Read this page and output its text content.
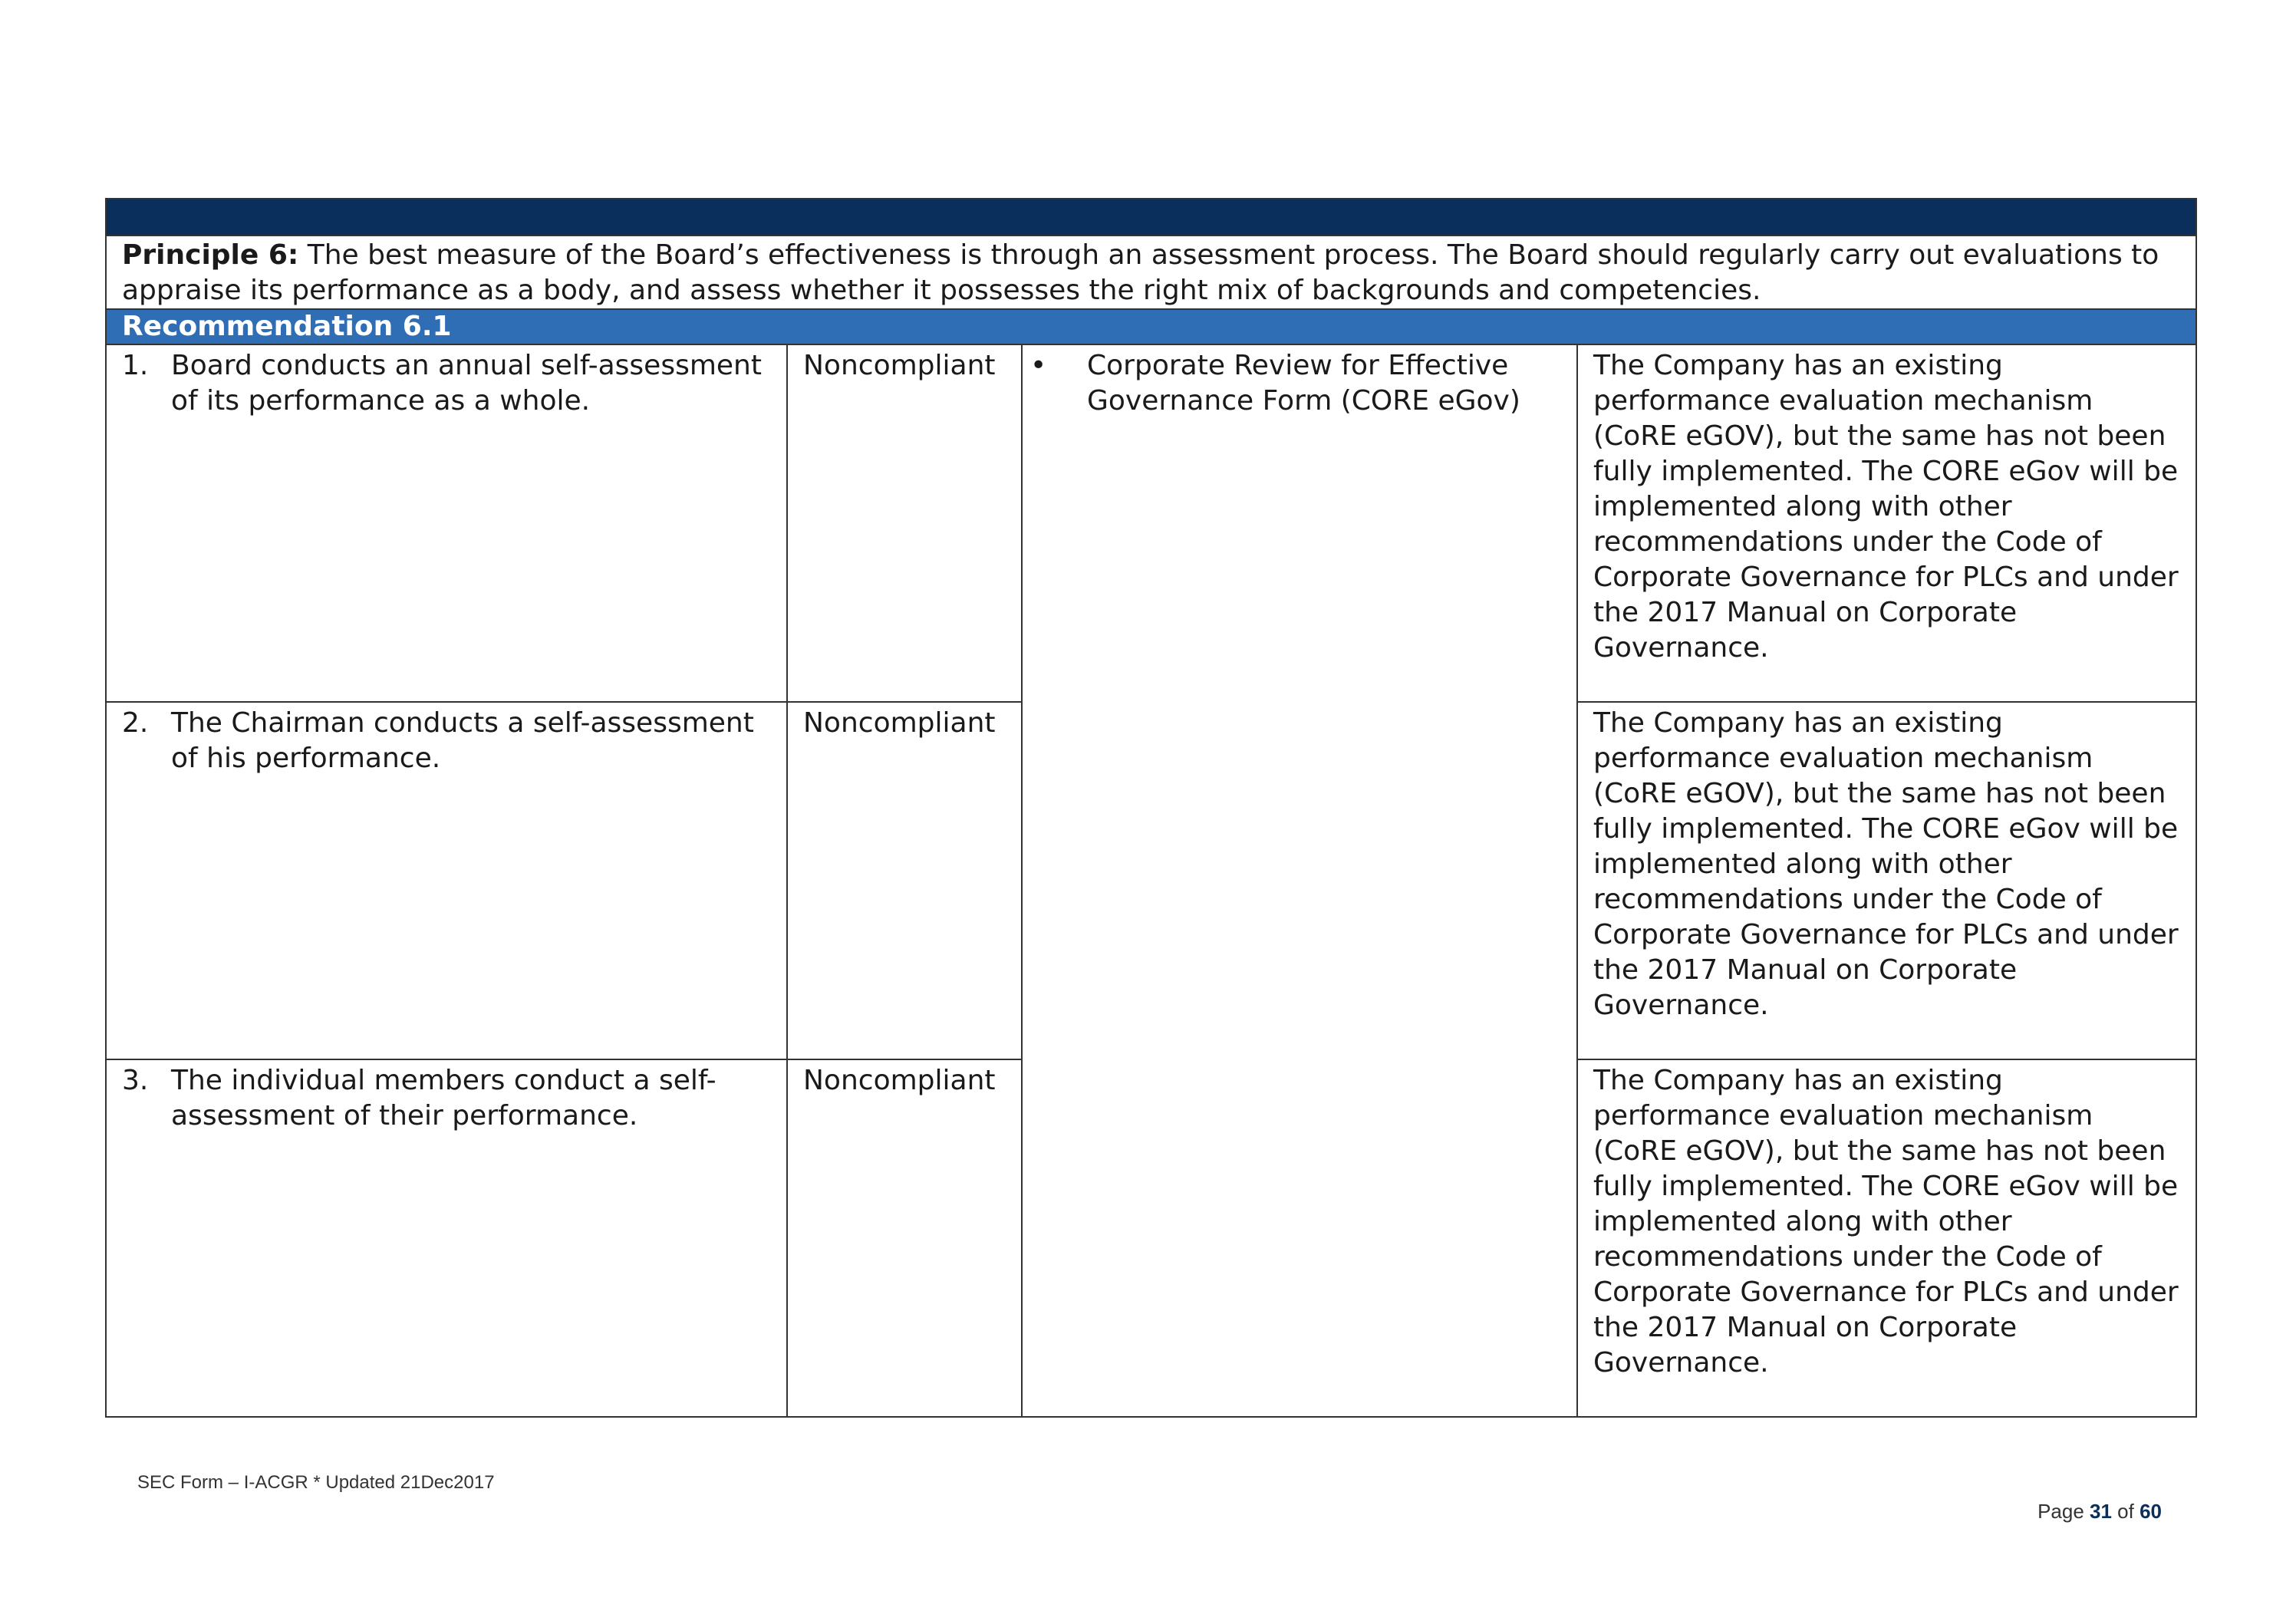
Principle 6: The best measure of the Board’s effectiveness is through an assessment process. The Board should regularly carry out evaluations to appraise its performance as a body, and assess whether it possesses the right mix of backgrounds and competencies.			
Recommendation 6.1			

1. Board conducts an annual self-assessment of its performance as a whole.	Noncompliant	• Corporate Review for Effective Governance Form (CORE eGov)	The Company has an existing performance evaluation mechanism (CoRE eGOV), but the same has not been fully implemented. The CORE eGov will be implemented along with other recommendations under the Code of Corporate Governance for PLCs and under the 2017 Manual on Corporate Governance.

2. The Chairman conducts a self-assessment of his performance.	Noncompliant		The Company has an existing performance evaluation mechanism (CoRE eGOV), but the same has not been fully implemented. The CORE eGov will be implemented along with other recommendations under the Code of Corporate Governance for PLCs and under the 2017 Manual on Corporate Governance.

3. The individual members conduct a self-assessment of their performance.	Noncompliant		The Company has an existing performance evaluation mechanism (CoRE eGOV), but the same has not been fully implemented. The CORE eGov will be implemented along with other recommendations under the Code of Corporate Governance for PLCs and under the 2017 Manual on Corporate Governance.
SEC Form – I-ACGR * Updated 21Dec2017
Page 31 of 60
